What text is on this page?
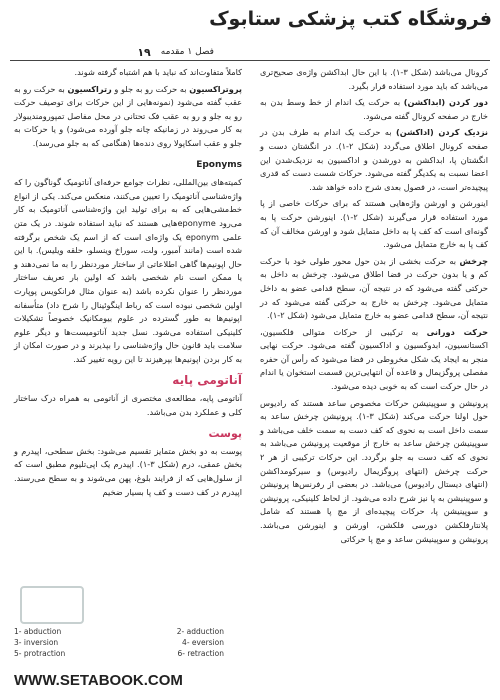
فروشگاه کتب پزشکی ستابوک
فصل ۱ مقدمه
۱۹

کرونال می‌باشد (شکل ۳-۱). با این حال ابداکشن واژه‌ی صحیح‌تری می‌باشد که باید مورد استفاده قرار بگیرد.

دور کردن (ابداکشن) به حرکت یک اندام از خط وسط بدن به خارج در صفحه کرونال گفته می‌شود.

نزدیک کردن (اداکشن) به حرکت یک اندام به طرف بدن در صفحه کرونال اطلاق می‌گردد (شکل ۲-۱). در انگشتان دست و انگشتان پا، ابداکشن به دورشدن و اداکسیون به نزدیک‌شدن این اعضا نسبت به یکدیگر گفته می‌شود. حرکات شست دست که قدری پیچیده‌تر است، در فصول بعدی شرح داده خواهد شد.

اینورشن و اورشن واژه‌هایی هستند که برای حرکات خاصی از پا مورد استفاده قرار می‌گیرند (شکل ۲-۱). اینورشن حرکت پا به گونه‌ای است که کف پا به داخل متمایل شود و اورشن مخالف آن که کف پا به خارج متمایل می‌شود.

چرخش به حرکت بخشی از بدن حول محور طولی خود با حرکت کم و یا بدون حرکت در فضا اطلاق می‌شود. چرخش به داخل به حرکتی گفته می‌شود که در نتیجه آن، سطح قدامی عضو به داخل متمایل می‌شود. چرخش به خارج به حرکتی گفته می‌شود که در نتیجه آن، سطح قدامی عضو به خارج متمایل می‌شود (شکل ۲-۱).

حرکت دورانی به ترکیبی از حرکات متوالی فلکسیون، اکستانسیون، ابدوکسیون و اداکسیون گفته می‌شود. حرکت نهایی منجر به ایجاد یک شکل مخروطی در فضا می‌شود که رأس آن حفره مفصلی پروگزیمال و قاعده آن انتهایی‌ترین قسمت استخوان یا اندام در حال حرکت است که به خوبی دیده می‌شود.

پرونیشن و سوپینیشن حرکات مخصوص ساعد هستند که رادیوس حول اولنا حرکت می‌کند (شکل ۳-۱). پرونیشن چرخش ساعد به سمت داخل است به نحوی که کف دست به سمت خلف می‌باشد و سوپینیشن چرخش ساعد به خارج از موقعیت پرونیشن می‌باشد به نحوی که کف دست به جلو برگردد. این حرکات ترکیبی از هر ۲ حرکت چرخش (انتهای پروگزیمال رادیوس) و سیرکومداکشن (انتهای دیستال رادیوس) می‌باشد. در بعضی از رفرنس‌ها پرونیشن و سوپینیشن به پا نیز شرح داده می‌شود. از لحاظ کلینیکی، پرونیشن و سوپینیشن پا، حرکات پیچیده‌ای از مچ پا هستند که شامل پلانتارفلکشن دورسی فلکشن، اورشن و اینورشن می‌باشد. پرونیشن و سوپینیشن ساعد و مچ پا حرکاتی

کاملاً متفاوت‌اند که نباید با هم اشتباه گرفته شوند.

پروتراکسیون به حرکت رو به جلو و رتراکسیون به حرکت رو به عقب گفته می‌شود (نمونه‌هایی از این حرکات برای توصیف حرکت رو به جلو و رو به عقب فک تحتانی در محل مفاصل تمپورومندیبولار به کار می‌روند در زمانیکه چانه جلو آورده می‌شود) و یا حرکات به جلو و عقب اسکاپولا روی دنده‌ها (هنگامی که به جلو می‌رسد).

Eponyms

کمیته‌های بین‌المللی، نظرات جوامع حرفه‌ای آناتومیک گوناگون را که واژه‌شناسی آناتومیک را تعیین می‌کنند، منعکس می‌کند. یکی از انواع خط‌مشی‌هایی که به برای تولید این واژه‌شناسی آناتومیک به کار می‌رود eponyme‌هایی هستند که نباید استفاده شوند. در یک متن علمی eponym یک واژه‌ای است که از اسم یک شخص برگرفته شده است (مانند آمبور، ولت، سوراخ وینسلو، حلقه ویلیس). با این حال اپونیم‌ها گاهی اطلاعاتی از ساختار موردنظر را به ما نمی‌دهند و یا ممکن است نام شخصی باشد که اولین بار تعریف ساختار موردنظر را عنوان نکرده باشد (به عنوان مثال فرانکویس پوپارت اولین شخصی نبوده است که رباط اینگوئینال را شرح داد) متأسفانه اپونیم‌ها به طور گسترده در علوم بیومکانیک خصوصاً تشکیلات کلینیکی استفاده می‌شود. نسل جدید آناتومیست‌ها و دیگر علوم سلامت باید قانون حال واژه‌شناسی را بپذیرند و در صورت امکان از به کار بردن اپونیم‌ها بپرهیزند تا این رویه تغییر کند.

آناتومی پایه

آناتومی پایه، مطالعه‌ی مختصری از آناتومی به همراه درک ساختار کلی و عملکرد بدن می‌باشد.

پوست

پوست به دو بخش متمایز تقسیم می‌شود: بخش سطحی، اپیدرم و بخش عمقی، درم (شکل ۳-۱). اپیدرم یک اپی‌تلیوم مطبق است که از سلول‌هایی که از فرایند بلوغ، پهن می‌شوند و به سطح می‌رسند. اپیدرم در کف دست و کف پا بسیار ضخیم

1- abduction	2- adduction
3- inversion	4- eversion
5- protraction	6- retraction
WWW.SETABOOK.COM
